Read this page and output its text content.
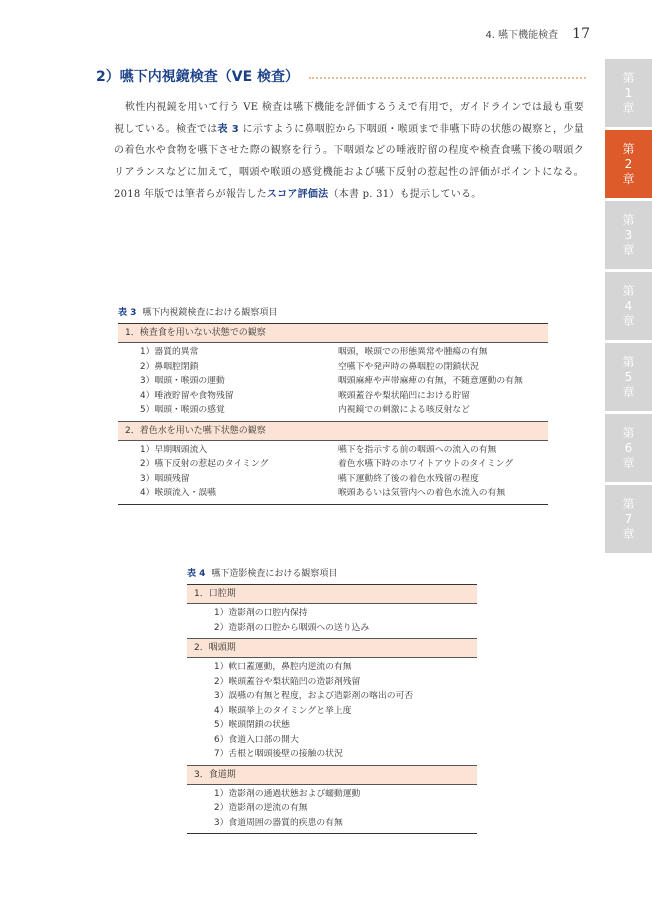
4. 嚥下機能検査 17
2）嚥下内視鏡検査（VE 検査）

軟性内視鏡を用いて行う VE 検査は嚥下機能を評価するうえで有用で，ガイドラインでは最も重要視している。検査では表 3 に示すように鼻咽腔から下咽頭・喉頭まで非嚥下時の状態の観察と，少量の着色水や食物を嚥下させた際の観察を行う。下咽頭などの唾液貯留の程度や検査食嚥下後の咽頭クリアランスなどに加えて，咽頭や喉頭の感覚機能および嚥下反射の惹起性の評価がポイントになる。2018 年版では筆者らが報告したスコア評価法（本書 p. 31）も提示している。

表 3 嚥下内視鏡検査における観察項目
1．検査食を用いない状態での観察
1）器質的異常	咽頭，喉頭での形態異常や腫瘍の有無
2）鼻咽腔閉鎖	空嚥下や発声時の鼻咽腔の閉鎖状況
3）咽頭・喉頭の運動	咽頭麻痺や声帯麻痺の有無，不随意運動の有無
4）唾液貯留や食物残留	喉頭蓋谷や梨状陥凹における貯留
5）咽頭・喉頭の感覚	内視鏡での刺激による咳反射など
2．着色水を用いた嚥下状態の観察
1）早期咽頭流入	嚥下を指示する前の咽頭への流入の有無
2）嚥下反射の惹起のタイミング	着色水嚥下時のホワイトアウトのタイミング
3）咽頭残留	嚥下運動終了後の着色水残留の程度
4）喉頭流入・誤嚥	喉頭あるいは気管内への着色水流入の有無
表 4 嚥下造影検査における観察項目
1．口腔期
1）造影剤の口腔内保持
2）造影剤の口腔から咽頭への送り込み
2．咽頭期
1）軟口蓋運動，鼻腔内逆流の有無
2）喉頭蓋谷や梨状陥凹の造影剤残留
3）誤嚥の有無と程度，および造影剤の喀出の可否
4）喉頭挙上のタイミングと挙上度
5）喉頭閉鎖の状態
6）食道入口部の開大
7）舌根と咽頭後壁の接触の状況
3．食道期
1）造影剤の通過状態および蠕動運動
2）造影剤の逆流の有無
3）食道周囲の器質的疾患の有無
第
1
章
第
2
章
第
3
章
第
4
章
第
5
章
第
6
章
第
7
章
